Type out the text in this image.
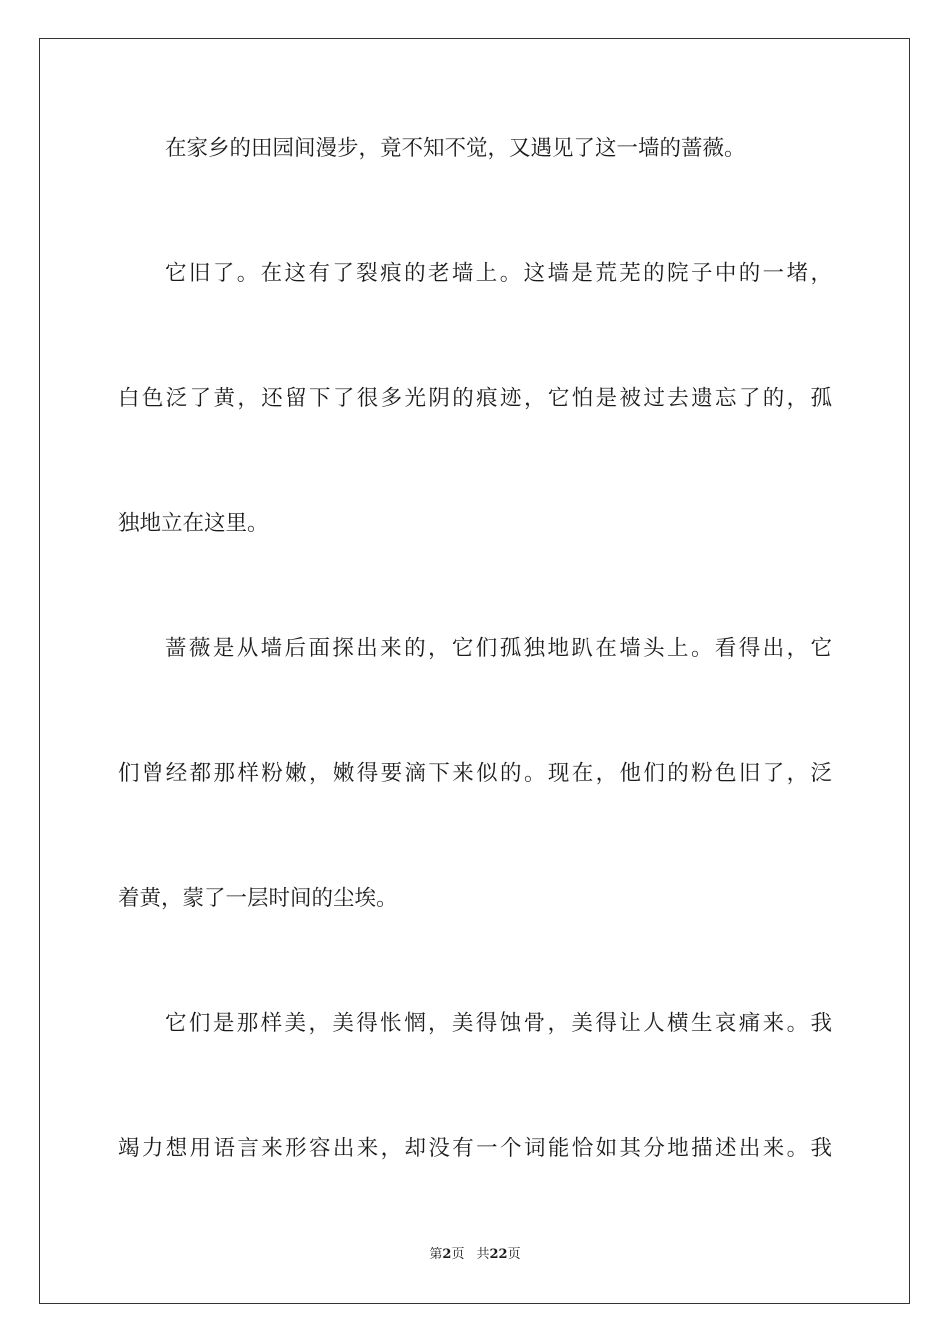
在家乡的田园间漫步，竟不知不觉，又遇见了这一墙的蔷薇。
它旧了。在这有了裂痕的老墙上。这墙是荒芜的院子中的一堵，
白色泛了黄，还留下了很多光阴的痕迹，它怕是被过去遗忘了的，孤
独地立在这里。
蔷薇是从墙后面探出来的，它们孤独地趴在墙头上。看得出，它
们曾经都那样粉嫩，嫩得要滴下来似的。现在，他们的粉色旧了，泛
着黄，蒙了一层时间的尘埃。
它们是那样美，美得怅惘，美得蚀骨，美得让人横生哀痛来。我
竭力想用语言来形容出来，却没有一个词能恰如其分地描述出来。我
第2页 共22页
